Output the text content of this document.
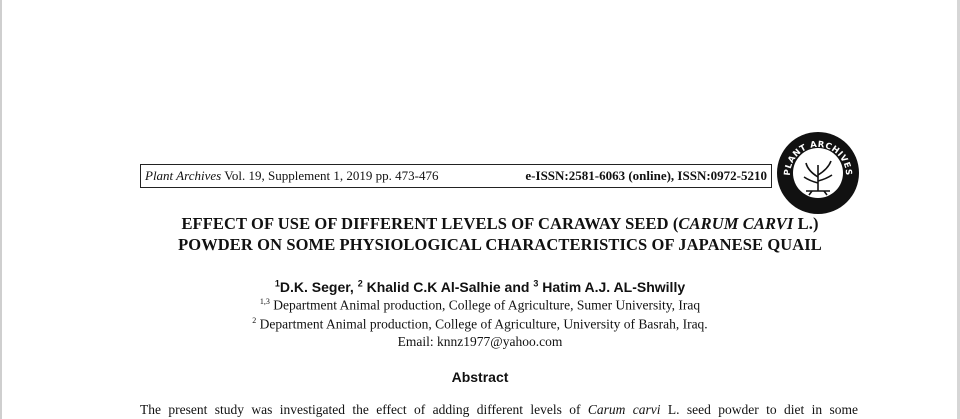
Plant Archives Vol. 19, Supplement 1, 2019 pp. 473-476	e-ISSN:2581-6063 (online), ISSN:0972-5210 PLANT ARCHIVES
EFFECT OF USE OF DIFFERENT LEVELS OF CARAWAY SEED (CARUM CARVI L.)
POWDER ON SOME PHYSIOLOGICAL CHARACTERISTICS OF JAPANESE QUAIL
$^1$D.K. Seger, $^2$ Khalid C.K Al-Salhie and $^3$ Hatim A.J. AL-Shwilly
$^{1,3}$ Department Animal production, College of Agriculture, Sumer University, Iraq
$^2$ Department Animal production, College of Agriculture, University of Basrah, Iraq.
Email: knnz1977@yahoo.com
Abstract
The present study was investigated the effect of adding different levels of Carum carvi L. seed powder to diet in some
